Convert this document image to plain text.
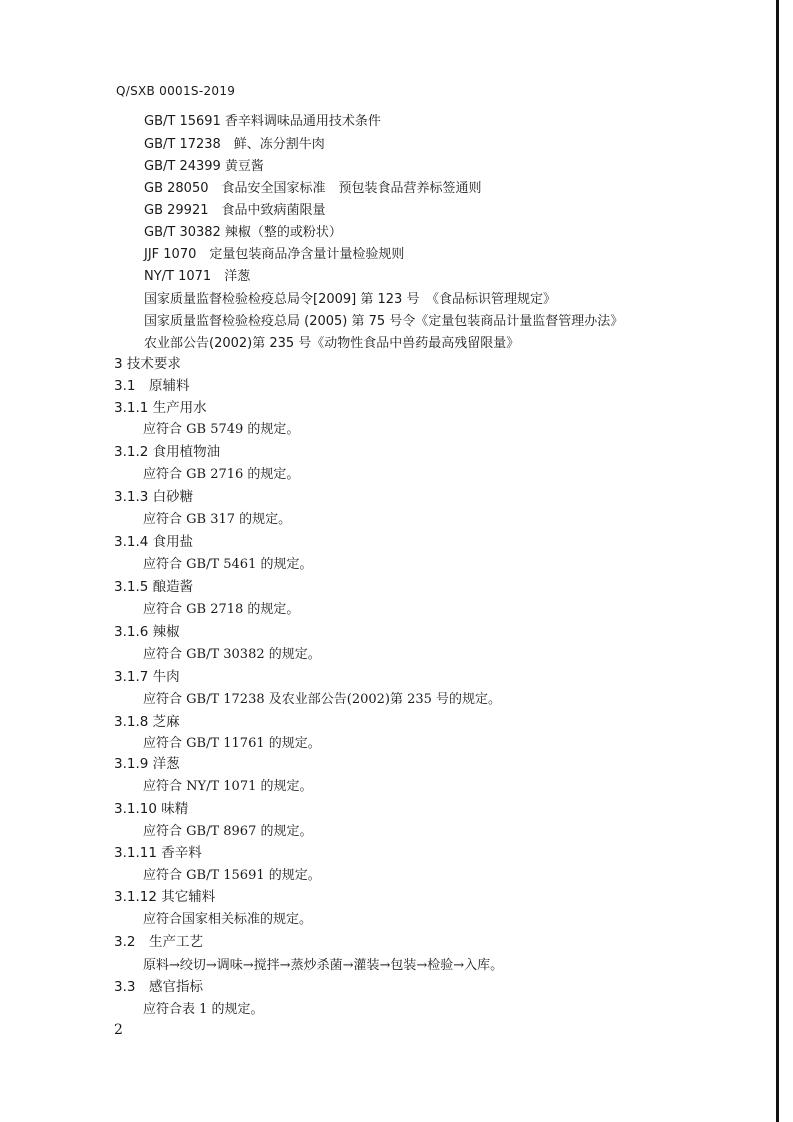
Q/SXB 0001S-2019
GB/T 15691 香辛料调味品通用技术条件
GB/T 17238　鲜、冻分割牛肉
GB/T 24399 黄豆酱
GB 28050　食品安全国家标准　预包装食品营养标签通则
GB 29921　食品中致病菌限量
GB/T 30382 辣椒（整的或粉状）
JJF 1070　定量包装商品净含量计量检验规则
NY/T 1071　洋葱
国家质量监督检验检疫总局令[2009] 第 123 号　《食品标识管理规定》
国家质量监督检验检疫总局 (2005) 第 75 号令《定量包装商品计量监督管理办法》
农业部公告(2002)第 235 号《动物性食品中兽药最高残留限量》
3 技术要求
3.1　原辅料
3.1.1 生产用水
应符合 GB 5749 的规定。
3.1.2 食用植物油
应符合 GB 2716 的规定。
3.1.3 白砂糖
应符合 GB 317 的规定。
3.1.4 食用盐
应符合 GB/T 5461 的规定。
3.1.5 酿造酱
应符合 GB 2718 的规定。
3.1.6 辣椒
应符合 GB/T 30382 的规定。
3.1.7 牛肉
应符合 GB/T 17238 及农业部公告(2002)第 235 号的规定。
3.1.8 芝麻
应符合 GB/T 11761 的规定。
3.1.9 洋葱
应符合 NY/T 1071 的规定。
3.1.10 味精
应符合 GB/T 8967 的规定。
3.1.11 香辛料
应符合 GB/T 15691 的规定。
3.1.12 其它辅料
应符合国家相关标准的规定。
3.2　生产工艺
原料→绞切→调味→搅拌→蒸炒杀菌→灌装→包装→检验→入库。
3.3　感官指标
应符合表 1 的规定。
2
